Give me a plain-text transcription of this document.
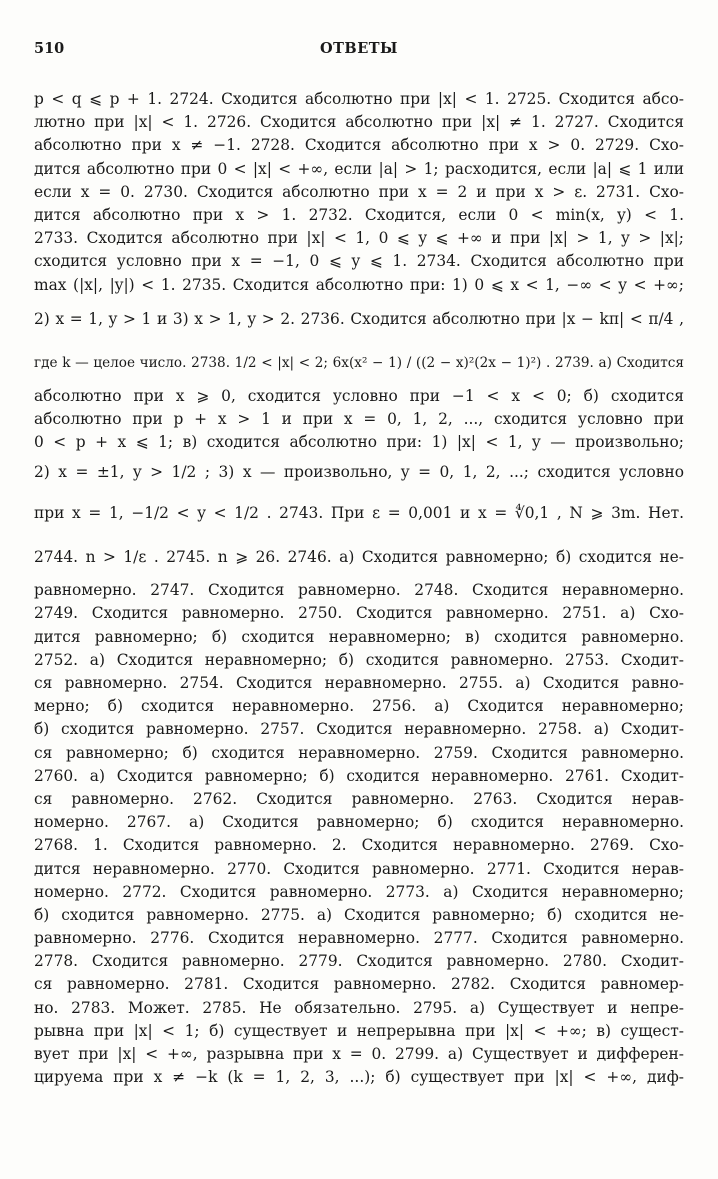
510	ОТВЕТЫ
p < q ⩽ p + 1. 2724. Сходится абсолютно при |x| < 1. 2725. Сходится абсо-
лютно при |x| < 1. 2726. Сходится абсолютно при |x| ≠ 1. 2727. Сходится
абсолютно при x ≠ −1. 2728. Сходится абсолютно при x > 0. 2729. Схо-
дится абсолютно при 0 < |x| < +∞, если |a| > 1; расходится, если |a| ⩽ 1 или
если x = 0. 2730. Сходится абсолютно при x = 2 и при x > ε. 2731. Схо-
дится абсолютно при x > 1. 2732. Сходится, если 0 < min(x, y) < 1.
2733. Сходится абсолютно при |x| < 1, 0 ⩽ y ⩽ +∞ и при |x| > 1, y > |x|;
сходится условно при x = −1, 0 ⩽ y ⩽ 1. 2734. Сходится абсолютно при
max (|x|, |y|) < 1. 2735. Сходится абсолютно при: 1) 0 ⩽ x < 1, −∞ < y < +∞;
2) x = 1, y > 1 и 3) x > 1, y > 2. 2736. Сходится абсолютно при |x − kπ| < π/4 ,
где k — целое число. 2738. 1/2 < |x| < 2; 6x(x² − 1) / ((2 − x)²(2x − 1)²) . 2739. а) Сходится
абсолютно при x ⩾ 0, сходится условно при −1 < x < 0; б) сходится
абсолютно при p + x > 1 и при x = 0, 1, 2, ..., сходится условно при
0 < p + x ⩽ 1; в) сходится абсолютно при: 1) |x| < 1, y — произвольно;
2) x = ±1, y > 1/2 ; 3) x — произвольно, y = 0, 1, 2, ...; сходится условно
при x = 1, −1/2 < y < 1/2 . 2743. При ε = 0,001 и x = ∜0,1 , N ⩾ 3m. Нет.
2744. n > 1/ε . 2745. n ⩾ 26. 2746. а) Сходится равномерно; б) сходится не-
равномерно. 2747. Сходится равномерно. 2748. Сходится неравномерно.
2749. Сходится равномерно. 2750. Сходится равномерно. 2751. а) Схо-
дится равномерно; б) сходится неравномерно; в) сходится равномерно.
2752. а) Сходится неравномерно; б) сходится равномерно. 2753. Сходит-
ся равномерно. 2754. Сходится неравномерно. 2755. а) Сходится равно-
мерно; б) сходится неравномерно. 2756. а) Сходится неравномерно;
б) сходится равномерно. 2757. Сходится неравномерно. 2758. а) Сходит-
ся равномерно; б) сходится неравномерно. 2759. Сходится равномерно.
2760. а) Сходится равномерно; б) сходится неравномерно. 2761. Сходит-
ся равномерно. 2762. Сходится равномерно. 2763. Сходится нерав-
номерно. 2767. а) Сходится равномерно; б) сходится неравномерно.
2768. 1. Сходится равномерно. 2. Сходится неравномерно. 2769. Схо-
дится неравномерно. 2770. Сходится равномерно. 2771. Сходится нерав-
номерно. 2772. Сходится равномерно. 2773. а) Сходится неравномерно;
б) сходится равномерно. 2775. а) Сходится равномерно; б) сходится не-
равномерно. 2776. Сходится неравномерно. 2777. Сходится равномерно.
2778. Сходится равномерно. 2779. Сходится равномерно. 2780. Сходит-
ся равномерно. 2781. Сходится равномерно. 2782. Сходится равномер-
но. 2783. Может. 2785. Не обязательно. 2795. а) Существует и непре-
рывна при |x| < 1; б) существует и непрерывна при |x| < +∞; в) сущест-
вует при |x| < +∞, разрывна при x = 0. 2799. а) Существует и дифферен-
цируема при x ≠ −k (k = 1, 2, 3, ...); б) существует при |x| < +∞, диф-
